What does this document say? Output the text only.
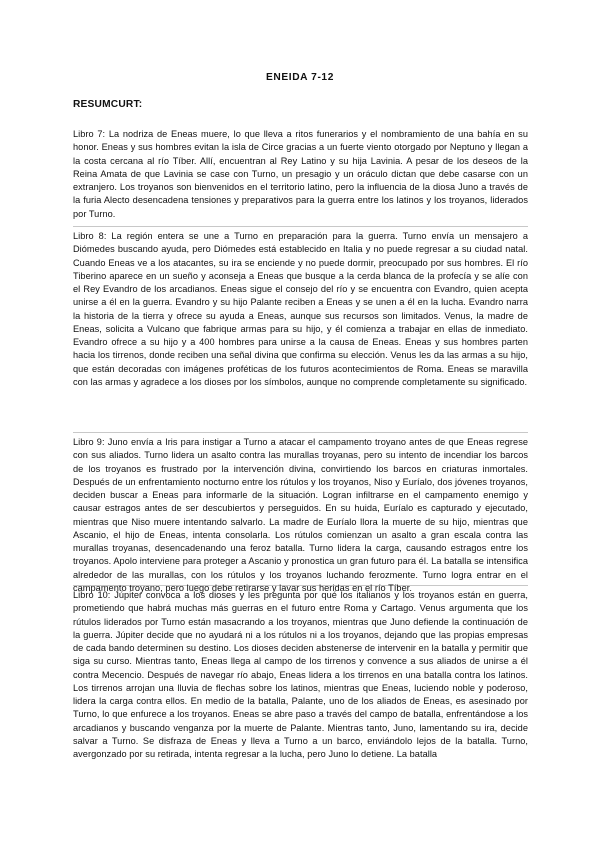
ENEIDA 7-12
RESUMCURT:

Libro 7: La nodriza de Eneas muere, lo que lleva a ritos funerarios y el nombramiento de una bahía en su honor. Eneas y sus hombres evitan la isla de Circe gracias a un fuerte viento otorgado por Neptuno y llegan a la costa cercana al río Tíber. Allí, encuentran al Rey Latino y su hija Lavinia. A pesar de los deseos de la Reina Amata de que Lavinia se case con Turno, un presagio y un oráculo dictan que debe casarse con un extranjero. Los troyanos son bienvenidos en el territorio latino, pero la influencia de la diosa Juno a través de la furia Alecto desencadena tensiones y preparativos para la guerra entre los latinos y los troyanos, liderados por Turno.

Libro 8: La región entera se une a Turno en preparación para la guerra. Turno envía un mensajero a Diómedes buscando ayuda, pero Diómedes está establecido en Italia y no puede regresar a su ciudad natal. Cuando Eneas ve a los atacantes, su ira se enciende y no puede dormir, preocupado por sus hombres. El río Tiberino aparece en un sueño y aconseja a Eneas que busque a la cerda blanca de la profecía y se alíe con el Rey Evandro de los arcadianos. Eneas sigue el consejo del río y se encuentra con Evandro, quien acepta unirse a él en la guerra. Evandro y su hijo Palante reciben a Eneas y se unen a él en la lucha. Evandro narra la historia de la tierra y ofrece su ayuda a Eneas, aunque sus recursos son limitados. Venus, la madre de Eneas, solicita a Vulcano que fabrique armas para su hijo, y él comienza a trabajar en ellas de inmediato. Evandro ofrece a su hijo y a 400 hombres para unirse a la causa de Eneas. Eneas y sus hombres parten hacia los tirrenos, donde reciben una señal divina que confirma su elección. Venus les da las armas a su hijo, que están decoradas con imágenes proféticas de los futuros acontecimientos de Roma. Eneas se maravilla con las armas y agradece a los dioses por los símbolos, aunque no comprende completamente su significado.

Libro 9: Juno envía a Iris para instigar a Turno a atacar el campamento troyano antes de que Eneas regrese con sus aliados. Turno lidera un asalto contra las murallas troyanas, pero su intento de incendiar los barcos de los troyanos es frustrado por la intervención divina, convirtiendo los barcos en criaturas inmortales. Después de un enfrentamiento nocturno entre los rútulos y los troyanos, Niso y Euríalo, dos jóvenes troyanos, deciden buscar a Eneas para informarle de la situación. Logran infiltrarse en el campamento enemigo y causar estragos antes de ser descubiertos y perseguidos. En su huida, Euríalo es capturado y ejecutado, mientras que Niso muere intentando salvarlo. La madre de Euríalo llora la muerte de su hijo, mientras que Ascanio, el hijo de Eneas, intenta consolarla. Los rútulos comienzan un asalto a gran escala contra las murallas troyanas, desencadenando una feroz batalla. Turno lidera la carga, causando estragos entre los troyanos. Apolo interviene para proteger a Ascanio y pronostica un gran futuro para él. La batalla se intensifica alrededor de las murallas, con los rútulos y los troyanos luchando ferozmente. Turno logra entrar en el campamento troyano, pero luego debe retirarse y lavar sus heridas en el río Tíber.

Libro 10: Júpiter convoca a los dioses y les pregunta por qué los italianos y los troyanos están en guerra, prometiendo que habrá muchas más guerras en el futuro entre Roma y Cartago. Venus argumenta que los rútulos liderados por Turno están masacrando a los troyanos, mientras que Juno defiende la continuación de la guerra. Júpiter decide que no ayudará ni a los rútulos ni a los troyanos, dejando que las propias empresas de cada bando determinen su destino. Los dioses deciden abstenerse de intervenir en la batalla y permitir que siga su curso. Mientras tanto, Eneas llega al campo de los tirrenos y convence a sus aliados de unirse a él contra Mecencio. Después de navegar río abajo, Eneas lidera a los tirrenos en una batalla contra los latinos. Los tirrenos arrojan una lluvia de flechas sobre los latinos, mientras que Eneas, luciendo noble y poderoso, lidera la carga contra ellos. En medio de la batalla, Palante, uno de los aliados de Eneas, es asesinado por Turno, lo que enfurece a los troyanos. Eneas se abre paso a través del campo de batalla, enfrentándose a los arcadianos y buscando venganza por la muerte de Palante. Mientras tanto, Juno, lamentando su ira, decide salvar a Turno. Se disfraza de Eneas y lleva a Turno a un barco, enviándolo lejos de la batalla. Turno, avergonzado por su retirada, intenta regresar a la lucha, pero Juno lo detiene. La batalla
